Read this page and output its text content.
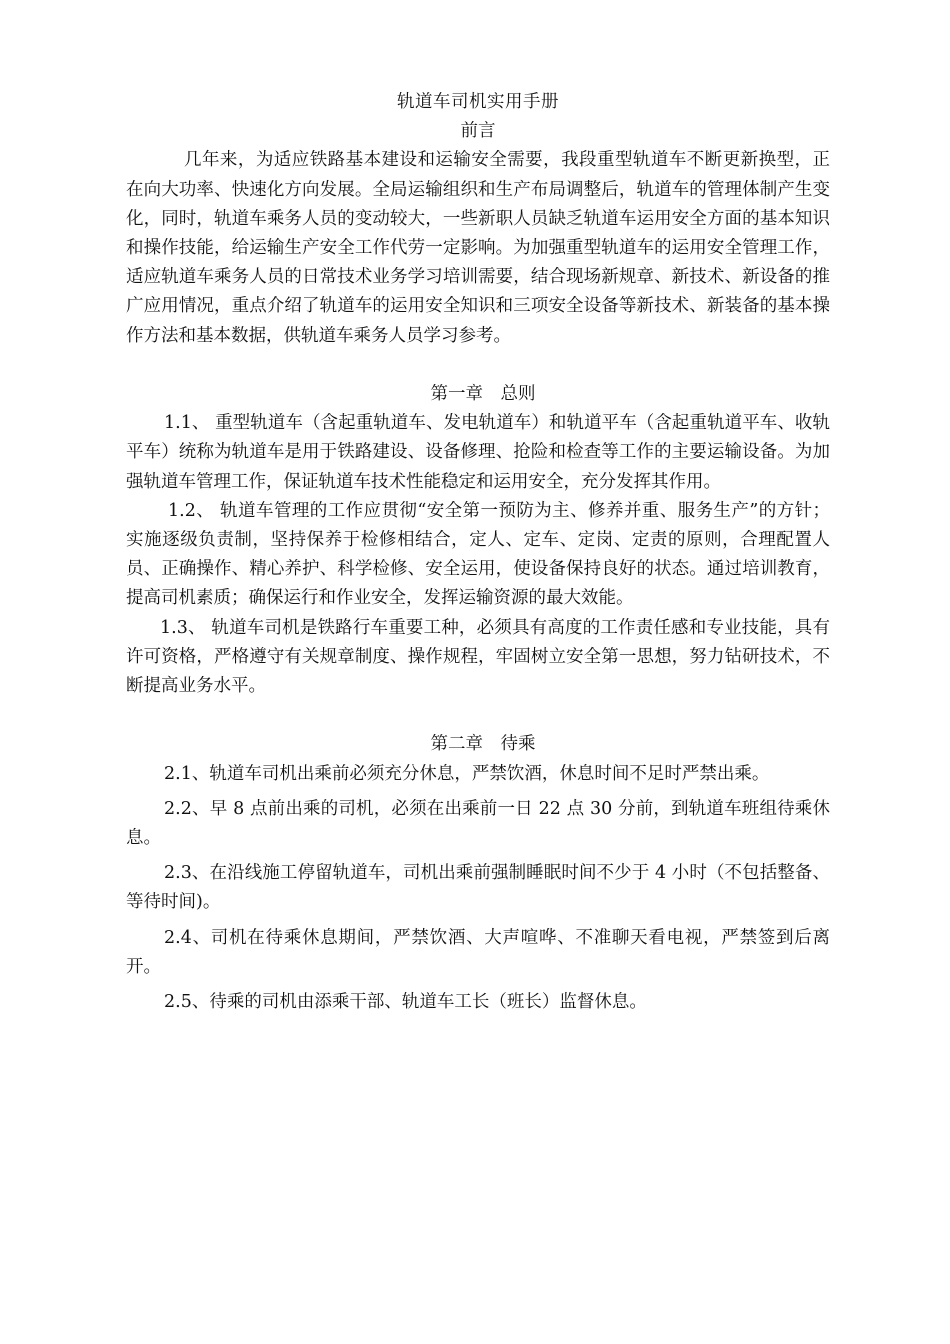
轨道车司机实用手册

前言

几年来，为适应铁路基本建设和运输安全需要，我段重型轨道车不断更新换型，正在向大功率、快速化方向发展。全局运输组织和生产布局调整后，轨道车的管理体制产生变化，同时，轨道车乘务人员的变动较大，一些新职人员缺乏轨道车运用安全方面的基本知识和操作技能，给运输生产安全工作代劳一定影响。为加强重型轨道车的运用安全管理工作，适应轨道车乘务人员的日常技术业务学习培训需要，结合现场新规章、新技术、新设备的推广应用情况，重点介绍了轨道车的运用安全知识和三项安全设备等新技术、新装备的基本操作方法和基本数据，供轨道车乘务人员学习参考。

第一章　总则

1.1、 重型轨道车（含起重轨道车、发电轨道车）和轨道平车（含起重轨道平车、收轨平车）统称为轨道车是用于铁路建设、设备修理、抢险和检查等工作的主要运输设备。为加强轨道车管理工作，保证轨道车技术性能稳定和运用安全，充分发挥其作用。

1.2、 轨道车管理的工作应贯彻“安全第一预防为主、修养并重、服务生产”的方针；实施逐级负责制，坚持保养于检修相结合，定人、定车、定岗、定责的原则，合理配置人员、正确操作、精心养护、科学检修、安全运用，使设备保持良好的状态。通过培训教育，提高司机素质；确保运行和作业安全，发挥运输资源的最大效能。

1.3、 轨道车司机是铁路行车重要工种，必须具有高度的工作责任感和专业技能，具有许可资格，严格遵守有关规章制度、操作规程，牢固树立安全第一思想，努力钻研技术，不断提高业务水平。

第二章　待乘

2.1、轨道车司机出乘前必须充分休息，严禁饮酒，休息时间不足时严禁出乘。

2.2、早 8 点前出乘的司机，必须在出乘前一日 22 点 30 分前，到轨道车班组待乘休息。

2.3、在沿线施工停留轨道车，司机出乘前强制睡眠时间不少于 4 小时（不包括整备、等待时间)。

2.4、司机在待乘休息期间，严禁饮酒、大声喧哗、不准聊天看电视，严禁签到后离开。

2.5、待乘的司机由添乘干部、轨道车工长（班长）监督休息。
